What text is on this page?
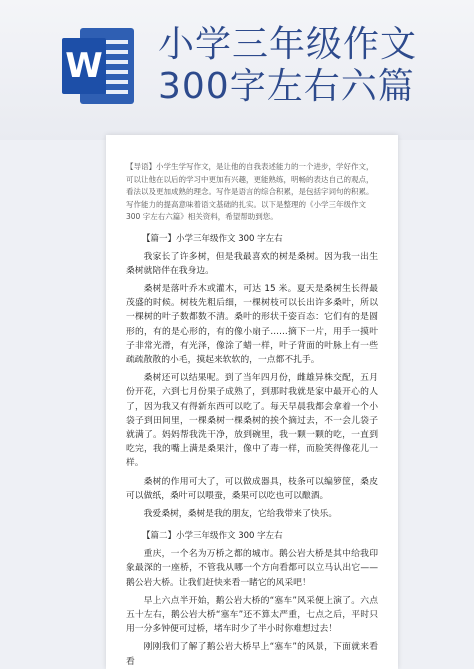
W
小学三年级作文300字左右六篇
【导语】小学生学写作文，是让他的自我表述能力的一个进步，学好作文，可以让他在以后的学习中更加有兴趣，更能熟练，明畅的表达自己的观点，看法以及更加成熟的理念。写作是语言的综合积累，是包括字词句的积累。写作能力的提高意味着语文基础的扎实。以下是整理的《小学三年级作文 300 字左右六篇》相关资料，希望帮助到您。
【篇一】小学三年级作文 300 字左右
我家长了许多树，但是我最喜欢的树是桑树。因为我一出生桑树就陪伴在我身边。
桑树是落叶乔木或灌木，可达 15 米。夏天是桑树生长得最茂盛的时候。树枝先粗后细，一棵树枝可以长出许多桑叶，所以一棵树的叶子数都数不清。桑叶的形状千姿百态：它们有的是圆形的，有的是心形的，有的像小扇子……摘下一片，用手一摸叶子非常光滑，有光泽，像涂了蜡一样，叶子背面的叶脉上有一些疏疏散散的小毛，摸起来软软的，一点都不扎手。
桑树还可以结果呢。到了当年四月份，雌雄异株交配，五月份开花，六到七月份果子成熟了，到那时我就是家中最开心的人了，因为我又有得新东西可以吃了。每天早晨我都会拿着一个小袋子到田间里，一棵桑树一棵桑树的挨个摘过去，不一会儿袋子就满了。妈妈帮我洗干净，放到碗里，我一颗一颗的吃，一直到吃完，我的嘴上满是桑果汁，像中了毒一样，而脸笑得像花儿一样。
桑树的作用可大了，可以做成器具，枝条可以编箩筐，桑皮可以做纸，桑叶可以喂蚕，桑果可以吃也可以酿酒。
我爱桑树，桑树是我的朋友，它给我带来了快乐。
【篇二】小学三年级作文 300 字左右
重庆，一个名为万桥之都的城市。鹅公岩大桥是其中给我印象最深的一座桥，不管我从哪一个方向看都可以立马认出它——鹅公岩大桥。让我们赶快来看一睹它的风采吧！
早上六点半开始，鹅公岩大桥的“塞车”风采便上演了。六点五十左右，鹅公岩大桥“塞车”还不算太严重，七点之后，平时只用一分多钟便可过桥，堵车时少了半小时你难想过去！
刚刚我们了解了鹅公岩大桥早上“塞车”的风景，下面就来看看
